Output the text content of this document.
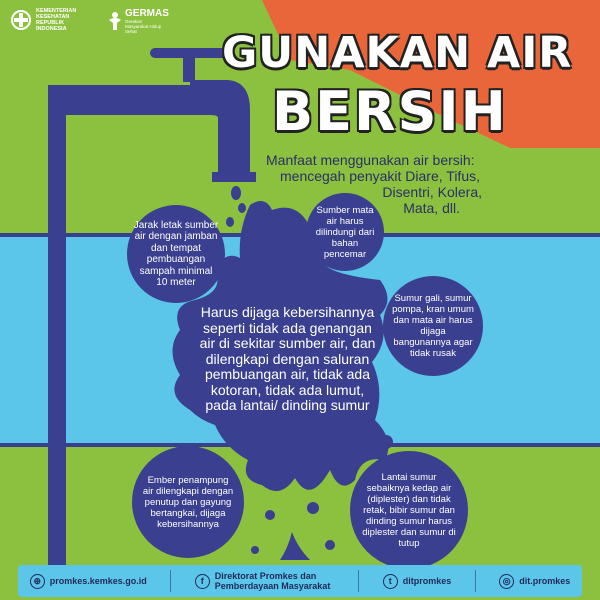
KEMENTERIAN KESEHATAN REPUBLIK INDONESIA
GERMAS
Gerakan Masyarakat Hidup Sehat	GUNAKAN AIR
BERSIH
Manfaat menggunakan air bersih:
mencegah penyakit Diare, Tifus,
Disentri, Kolera,
Mata, dll.
Jarak letak sumber air dengan jamban dan tempat pembuangan sampah minimal 10 meter
Sumber mata air harus dilindungi dari bahan pencemar
Sumur gali, sumur pompa, kran umum dan mata air harus dijaga bangunannya agar tidak rusak
Harus dijaga kebersihannya seperti tidak ada genangan air di sekitar sumber air, dan dilengkapi dengan saluran pembuangan air, tidak ada kotoran, tidak ada lumut, pada lantai/ dinding sumur
Ember penampung air dilengkapi dengan penutup dan gayung bertangkai, dijaga kebersihannya
Lantai sumur sebaiknya kedap air (diplester) dan tidak retak, bibir sumur dan dinding sumur harus diplester dan sumur di tutup
⊕ promkes.kemkes.go.id	f	Direktorat Promkes dan Pemberdayaan Masyarakat	t	ditpromkes	◎ dit.promkes
